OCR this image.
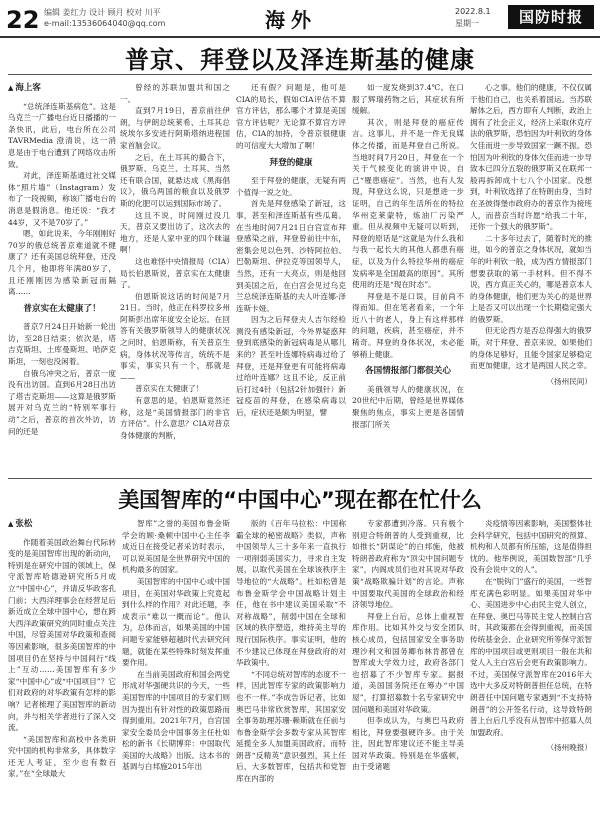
22 编辑 姜红力 设计 顾月 校对 川平
e-mail:13536064040@qq.com	海外	2022.8.1
星期一	国防时报
普京、拜登以及泽连斯基的健康
▲ 海上客

“总统泽连斯基病危”。这是乌克兰一广播电台近日播播的一条快讯，此后，电台所在公司TAVRMedia 澄清说，这一消息是由于电台遭到了网络攻击所致。

对此，泽连斯基通过社交媒体“照片墙”（Instagram）发布了一段视频，称该广播电台的消息是假消息。他还说：“我才44岁，又不是70岁了。”

嗯，如此说来，今年刚刚好70岁的俄总统普京难道就不健康了？还有美国总统拜登，还没几个月，他即将年满80岁了，且还刚刚因为感染新冠而隔离……

普京实在太健康了！

普京7月24日开始新一轮出访，至28日结束；依次是，塔吉克斯坦、土库曼斯坦、哈萨克斯坦，一刻也没闲着。

自俄乌冲突之后，普京一度没有出访国。直到6月28日出访了塔吉克斯坦——这算是俄罗斯展开对乌克兰的“特别军事行动”之后，普京的首次外访，访问的还是

曾经的苏联加盟共和国之一。

直到7月19日，普京前往伊朗，与伊朗总统莱希、土耳其总统埃尔多安进行阿斯塔纳进程国家首脑会议。

之后，在土耳其的撮合下，俄罗斯、乌克兰、土耳其、当然还有联合国，就悬达成《黑海倡议》，俄乌两国的粮食以及俄罗斯的化肥可以运到国际市场了。

这且不说，时间刚过没几天，普京又要出访了，这次去的地方，还是人家中亚的四个咪逼啊！

这也难怪中央情报局（CIA）局长伯恩斯说，普京实在太健康了。

伯恩斯说这话的时间是7月21日。当时，他正在科罗拉多州阿斯彭出席年度安全论坛。在回答有关俄罗斯领导人的健康状况之问时，伯恩斯称，有关普京生病，身体状况等传言，统统不是事实，事实只有一个，那就是——

普京实在太健康了！

有意思的是，伯恩斯竟然还称，这是“美国情报部门的非官方评估”。什么意思？CIA对普京身体健康的判断，

还有假？问题是，他可是CIA的局长，假如CIA评估不算官方评估，那么哪个才算是美国官方评估呢？无论算不算官方评估，CIA的加持，令普京很健康的可信度大大增加了啊！

拜登的健康

至于拜登的健康，无疑有两个值得一说之处。

首先是拜登感染了新冠，这事，甚至和泽连斯基有些瓜葛。在当地时间7月21日白宫宣布拜登感染之前，拜登曾前往中东，密集会见以色列、沙特阿拉伯、巴勒斯坦、伊拉克等国领导人，当然，还有一大亮点，则是他回到美国之后，在白宫会见过乌克兰总统泽连斯基的夫人叶连娜·泽连斯卡娅。

因为之后拜登夫人吉尔经检测没有感染新冠，今外界疑惑拜登到底感染的新冠病毒是从哪儿来的？甚至叶连娜特病毒过给了拜登，还是拜登更有可能将病毒过给叶连娜？这且不论，反正前后打过4针（包括2针加强针）新冠疫苗的拜登，在感染病毒以后，症状还是颇为明显，譬

如一度发烧到37.4℃。在口服了辉瑞药物之后，其症状有所缓解。

其次，则是拜登的癌症传言。这事儿，并不是一件无良媒体之传播，而是拜登自己所说。当地时间7月20日，拜登在一个关于气候变化的演讲中说，自己“罹患癌症”。当然，也有人发现，拜登这么说，只是想进一步证明，自己的年生活所在的特拉华州克莱蒙特，炼油厂污染严重。但从视频中无疑可以听到，拜登的原话是“这就是为什么我和与我一起长大的其他人都患有癌症，以及为什么特拉华州的癌症发病率是全国最高的原因”。其所使用的还是“现在时态”。

拜登是不是口误，目前尚不得而知。但在笔者看来，一个年近八十的老人，身上有这样那样的问题，疾病，甚至癌症，并不稀奇。拜登的身体状况，未必能够稍上健康。

各国情报部门都很关心

美俄领导人的健康状况，在20世纪中后期，曾经是世界媒体聚焦的焦点，事实上更是各国情报部门所关

心之事。他们的健康，不仅仅属于他们自己，也关系着国运。当苏联解体之后，西方即有人判断，政治上拥有了社会正义，经济上采取休克疗法的俄罗斯，恐怕因为叶利钦的身体欠佳而进一步导致国家一蹶不振。恐怕因为叶利钦的身体欠佳而进一步导致本已四分五裂的俄罗斯又在联邦一般再拆卸成十七八个小国家。没想到，叶利钦选择了在特朗由身，当时在圣彼得堡市政府办的普京作为接班人，而普京当时许愿“给我二十年，还你一个强大的俄罗斯”。

二十多年过去了，随着时光的推进，如今的普京之身体状况，就如当年的叶利钦一般，成为西方情报部门想要获取的第一手材料。但不得不说，西方真正关心的，哪是普京本人的身体健康，他们更为关心的是世界上是否又可以出现一个长期稳定强大的俄罗斯。

但无论西方是否总得强大的俄罗斯，对于拜登、普京来说，如果他们的身体足够好，且能令国家足够稳定而更加健康，这才是两国人民之幸。

（扬州民间）
美国智库的“中国中心”现在都在忙什么
▲ 张松

作随着美国政治舞台代际转变的是美国智库出现的新动向，特别是在研究中国的领域上，保守派智库哈德逊研究所5月成立“中国中心”，并请反华政客孔门前；大西洋理事会在经营足后新近成立全球中国中心，想在跨大西洋政策研究的同时重点关注中国，尽管美国对华政策和查阅等因素影响，很多美国智库的中国项目仍在坚持与中国间行“线上”互动……美国智库有多少家“中国中心”或“中国项目”？它们对政府的对华政策有怎样的影响？记者梳理了美国智库的新动向，并与相关学者进行了深入交流。

“美国智库和高校中各类研究中国的机构非常多，具体数字还无人考证，至少也有数百家。”在“全球最大

智库”之誉的美国布鲁金斯学会的顾·桑顿中国中心主任李成近日在接受记者采访时表示，可以说美国是全世界研究中国的机构最多的国家。

美国智库的中国中心或中国项目，在美国对华政策上究竟起到什么样的作用？对此还题，李成表示“难以一概而论”。他认为，总体而言，如果美国的中国问题专家能够超越时代去研究问题，就能在某些特殊时刻发挥重要作用。

在当前美国政府和国会两党形成对华强硬共识的今天，一些美国智库的中国项目的专家们则因为提出有针对性的政策思路而得到重用。2021年7月，自宫国家安全委员会中国事务主任杜如松的新书《长期博弈：中国取代美国的大战略》出版。这本书的基调与白邦施2015年出

版的《百年马拉松：中国称霸全球的秘密战略》类似，声称中国领导人三十多年来一直执行一项削弱美国实力，寻求自主发展，以取代美国在全球该秩序主导地位的“大战略”。杜如松曾是布鲁金斯学会中国战略计划主任，他在书中建议美国采取“不对称战略”，削弱中国在全球和区域的秩序塑造，维持美主导的现行国际秩序。事实证明，他的不少建议已体现在拜登政府的对华政策中。

“不同总统对智库的态度不一样，因此智库专家的政策影响力也不一样。”李成告诉记者，比如奥巴马非常欣赏智库，其国家安全事务助理苏珊·赖斯就在任前与布鲁金斯学会多数专家从其智库延揽全多人加盟美国政府。而特朗普“反精英”意识强烈，其上任后，大多数智库，包括共和党智库在内部的

专家都遭到冷落。只有极个别迎合特朗普的人受到重视，比如推长“阴谋论”的白邦施，他被特朗普政府称为“顶尖中国问题专家”，内阁成员们也对其说对华政策“战略欺骗计划”的言论。声称中国要取代美国的全球政治和经济领导地位。

拜登上台后，总体上重视智库作用。比如其外交与安全团队核心成员，包括国家安全事务助理沙利文和国务卿布林肯都曾在智库或大学效力过，政府各部门也招募了不少智库专家。据报道，美国国务院还在筹办“中国屋”，打算招募数十名专家研究中国问题和美国对华政策。

但李成认为，与奥巴马政府相比，拜登要强硬许多。由于关注，因此智库建议还不能主导美国对华政策。特别是在华盛顿，由于受诸题

炎疫情等因素影响，美国整体社会科学研究，包括中国研究的预算、机构和人员都有所压缩，这是值得担忧的。他举例说，美国数智部“几乎没有会说中文的人”。

在“脱钩门”盛行的美国，一些智库充满色彩明显。如果美国对华中心、美国进步中心由民主党人创立，在拜登、奥巴马等民主党人控制白宫时，其政策都在会得到重视，而美国传统基金会、企业研究所等保守派智库的中国项目或更则项目一般在共和党人入主白宫后会更有政策影响力。不过，美国保守派智库在2016年大选中大多反对特朗普担任总统，在特朗普任中国问题专家遇到“不支持特朗普”的公开签名行动，这导致特朗普上台后几乎没有从智库中招募人员加盟政府。

（扬州晚报）
